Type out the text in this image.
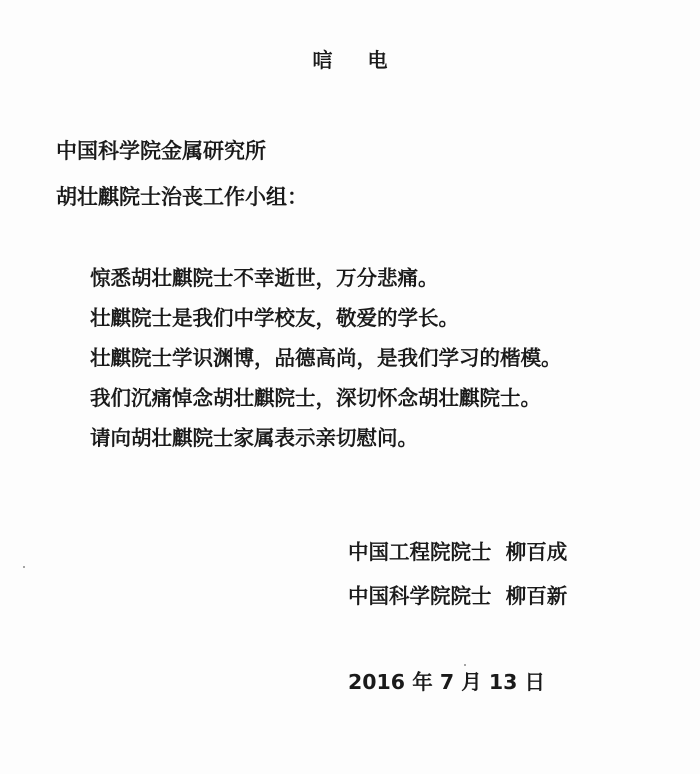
唁 电
中国科学院金属研究所
胡壮麒院士治丧工作小组：
惊悉胡壮麒院士不幸逝世，万分悲痛。
壮麒院士是我们中学校友，敬爱的学长。
壮麒院士学识渊博，品德高尚，是我们学习的楷模。
我们沉痛悼念胡壮麒院士，深切怀念胡壮麒院士。
请向胡壮麒院士家属表示亲切慰问。
中国工程院院士  柳百成
中国科学院院士  柳百新
2016 年 7 月 13 日
